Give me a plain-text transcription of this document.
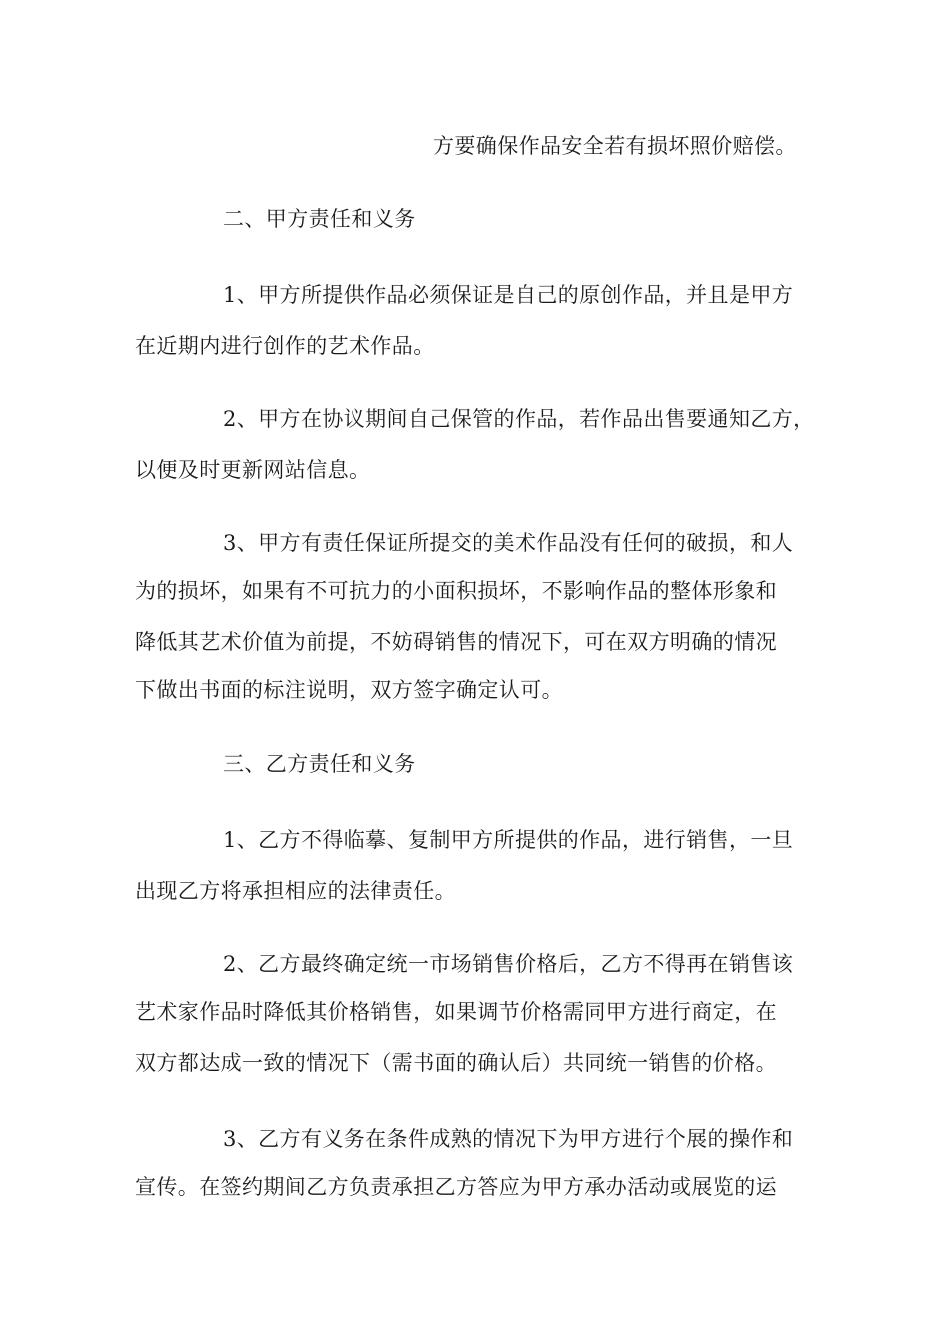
方要确保作品安全若有损坏照价赔偿。
二、甲方责任和义务
1、甲方所提供作品必须保证是自己的原创作品，并且是甲方
在近期内进行创作的艺术作品。
2、甲方在协议期间自己保管的作品，若作品出售要通知乙方，
以便及时更新网站信息。
3、甲方有责任保证所提交的美术作品没有任何的破损，和人
为的损坏，如果有不可抗力的小面积损坏，不影响作品的整体形象和
降低其艺术价值为前提，不妨碍销售的情况下，可在双方明确的情况
下做出书面的标注说明，双方签字确定认可。
三、乙方责任和义务
1、乙方不得临摹、复制甲方所提供的作品，进行销售，一旦
出现乙方将承担相应的法律责任。
2、乙方最终确定统一市场销售价格后，乙方不得再在销售该
艺术家作品时降低其价格销售，如果调节价格需同甲方进行商定，在
双方都达成一致的情况下（需书面的确认后）共同统一销售的价格。
3、乙方有义务在条件成熟的情况下为甲方进行个展的操作和
宣传。在签约期间乙方负责承担乙方答应为甲方承办活动或展览的运
